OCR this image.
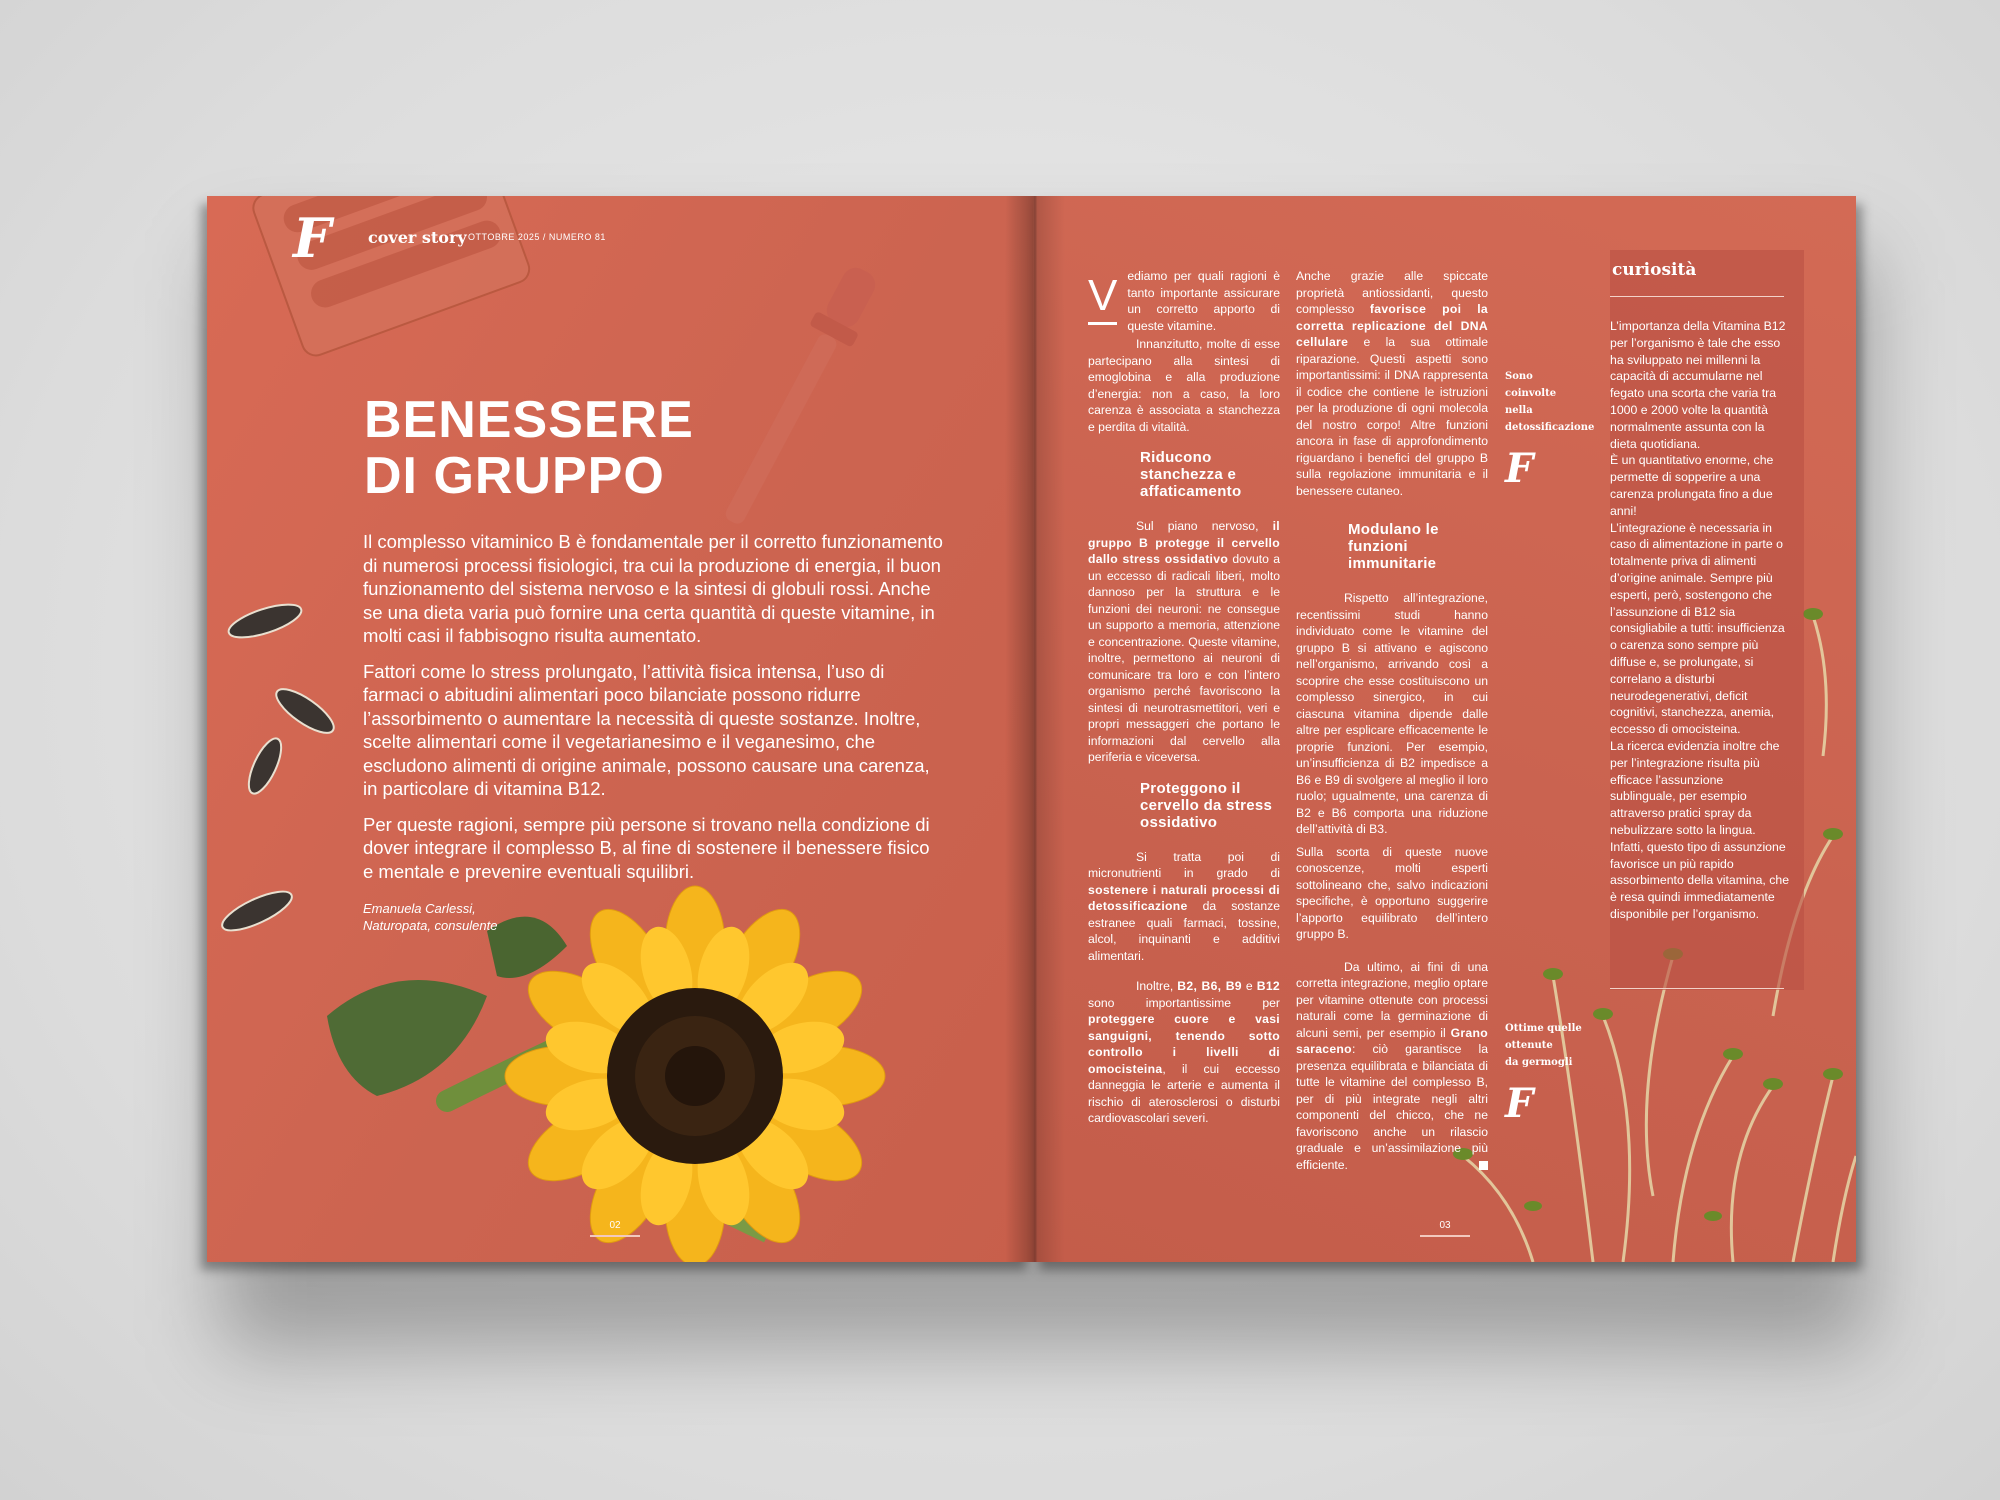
F cover story OTTOBRE 2025 / NUMERO 81
BENESSERE
DI GRUPPO

Il complesso vitaminico B è fondamentale per il corretto funzionamento di numerosi processi fisiologici, tra cui la produzione di energia, il buon funzionamento del sistema nervoso e la sintesi di globuli rossi. Anche se una dieta varia può fornire una certa quantità di queste vitamine, in molti casi il fabbisogno risulta aumentato.

Fattori come lo stress prolungato, l’attività fisica intensa, l’uso di farmaci o abitudini alimentari poco bilanciate possono ridurre l’assorbimento o aumentare la necessità di queste sostanze. Inoltre, scelte alimentari come il vegetarianesimo e il veganesimo, che escludono alimenti di origine animale, possono causare una carenza, in particolare di vitamina B12.

Per queste ragioni, sempre più persone si trovano nella condizione di dover integrare il complesso B, al fine di sostenere il benessere fisico e mentale e prevenire eventuali squilibri.

Emanuela Carlessi,
Naturopata, consulente
02	03

V ediamo per quali ragioni è tanto importante assicurare un corretto apporto di queste vitamine.

Innanzitutto, molte di esse partecipano alla sintesi di emoglobina e alla produzione d’energia: non a caso, la loro carenza è associata a stanchezza e perdita di vitalità.

Riducono stanchezza e affaticamento

Sul piano nervoso, il gruppo B protegge il cervello dallo stress ossidativo dovuto a un eccesso di radicali liberi, molto dannoso per la struttura e le funzioni dei neuroni: ne consegue un supporto a memoria, attenzione e concentrazione. Queste vitamine, inoltre, permettono ai neuroni di comunicare tra loro e con l’intero organismo perché favoriscono la sintesi di neurotrasmettitori, veri e propri messaggeri che portano le informazioni dal cervello alla periferia e viceversa.

Proteggono il cervello da stress ossidativo

Si tratta poi di micronutrienti in grado di sostenere i naturali processi di detossificazione da sostanze estranee quali farmaci, tossine, alcol, inquinanti e additivi alimentari.

Inoltre, B2, B6, B9 e B12 sono importantissime per proteggere cuore e vasi sanguigni, tenendo sotto controllo i livelli di omocisteina, il cui eccesso danneggia le arterie e aumenta il rischio di aterosclerosi o disturbi cardiovascolari severi.

Anche grazie alle spiccate proprietà antiossidanti, questo complesso favorisce poi la corretta replicazione del DNA cellulare e la sua ottimale riparazione. Questi aspetti sono importantissimi: il DNA rappresenta il codice che contiene le istruzioni per la produzione di ogni molecola del nostro corpo! Altre funzioni ancora in fase di approfondimento riguardano i benefici del gruppo B sulla regolazione immunitaria e il benessere cutaneo.

Modulano le funzioni immunitarie

Rispetto all’integrazione, recentissimi studi hanno individuato come le vitamine del gruppo B si attivano e agiscono nell’organismo, arrivando così a scoprire che esse costituiscono un complesso sinergico, in cui ciascuna vitamina dipende dalle altre per esplicare efficacemente le proprie funzioni. Per esempio, un’insufficienza di B2 impedisce a B6 e B9 di svolgere al meglio il loro ruolo; ugualmente, una carenza di B2 e B6 comporta una riduzione dell’attività di B3.

Sulla scorta di queste nuove conoscenze, molti esperti sottolineano che, salvo indicazioni specifiche, è opportuno suggerire l’apporto equilibrato dell’intero gruppo B.

Da ultimo, ai fini di una corretta integrazione, meglio optare per vitamine ottenute con processi naturali come la germinazione di alcuni semi, per esempio il Grano saraceno: ciò garantisce la presenza equilibrata e bilanciata di tutte le vitamine del complesso B, per di più integrate negli altri componenti del chicco, che ne favoriscono anche un rilascio graduale e un’assimilazione più efficiente.

Sono
coinvolte
nella
detossificazione
F
Ottime quelle
ottenute
da germogli
F
curiosità

L’importanza della Vitamina B12 per l’organismo è tale che esso ha sviluppato nei millenni la capacità di accumularne nel fegato una scorta che varia tra 1000 e 2000 volte la quantità normalmente assunta con la dieta quotidiana.

È un quantitativo enorme, che permette di sopperire a una carenza prolungata fino a due anni!

L’integrazione è necessaria in caso di alimentazione in parte o totalmente priva di alimenti d’origine animale. Sempre più esperti, però, sostengono che l’assunzione di B12 sia consigliabile a tutti: insufficienza o carenza sono sempre più diffuse e, se prolungate, si correlano a disturbi neurodegenerativi, deficit cognitivi, stanchezza, anemia, eccesso di omocisteina.

La ricerca evidenzia inoltre che per l’integrazione risulta più efficace l’assunzione sublinguale, per esempio attraverso pratici spray da nebulizzare sotto la lingua. Infatti, questo tipo di assunzione favorisce un più rapido assorbimento della vitamina, che è resa quindi immediatamente disponibile per l’organismo.
